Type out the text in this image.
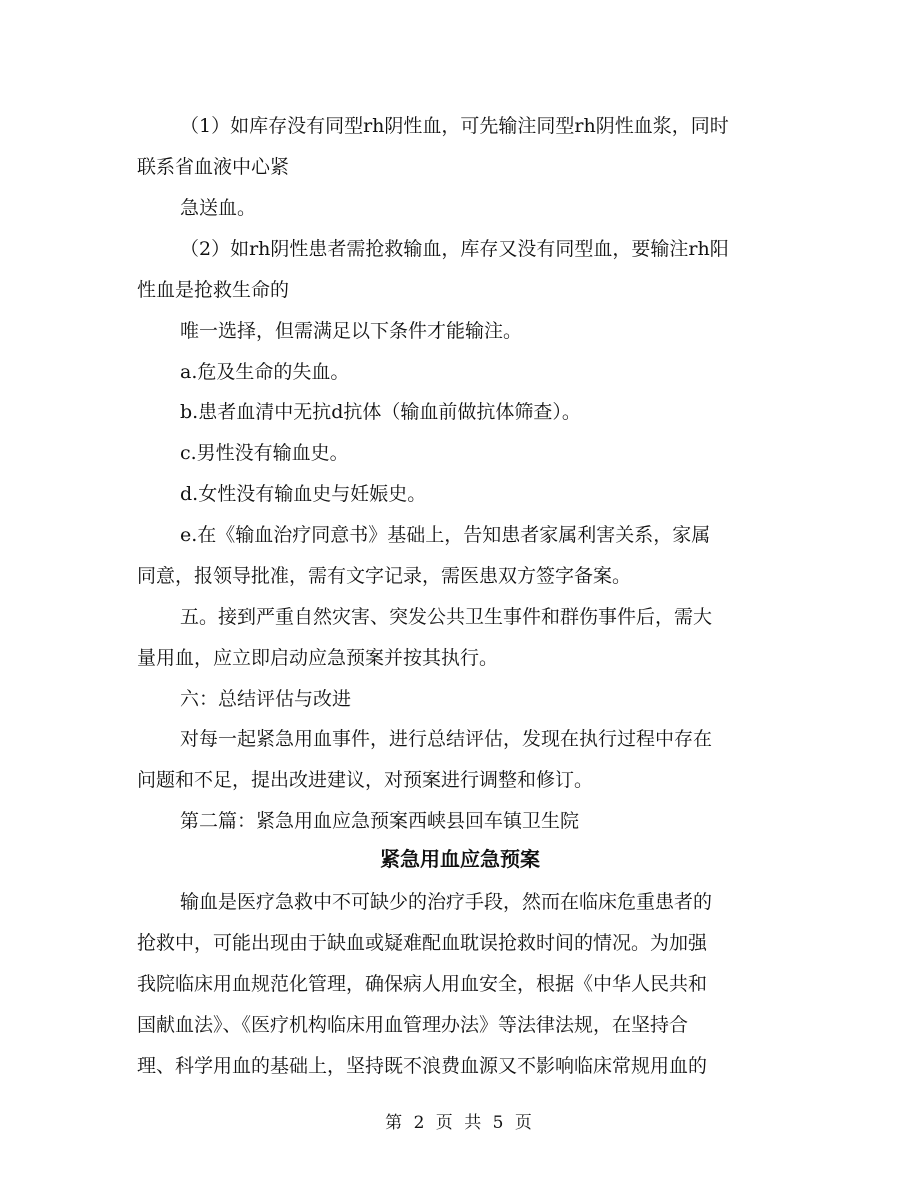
（1）如库存没有同型rh阴性血，可先输注同型rh阴性血浆，同时
联系省血液中心紧
急送血。
（2）如rh阴性患者需抢救输血，库存又没有同型血，要输注rh阳
性血是抢救生命的
唯一选择，但需满足以下条件才能输注。
a.危及生命的失血。
b.患者血清中无抗d抗体（输血前做抗体筛查）。
c.男性没有输血史。
d.女性没有输血史与妊娠史。
e.在《输血治疗同意书》基础上，告知患者家属利害关系，家属
同意，报领导批准，需有文字记录，需医患双方签字备案。
五。接到严重自然灾害、突发公共卫生事件和群伤事件后，需大
量用血，应立即启动应急预案并按其执行。
六：总结评估与改进
对每一起紧急用血事件，进行总结评估，发现在执行过程中存在
问题和不足，提出改进建议，对预案进行调整和修订。
第二篇：紧急用血应急预案西峡县回车镇卫生院
紧急用血应急预案
输血是医疗急救中不可缺少的治疗手段，然而在临床危重患者的
抢救中，可能出现由于缺血或疑难配血耽误抢救时间的情况。为加强
我院临床用血规范化管理，确保病人用血安全，根据《中华人民共和
国献血法》、《医疗机构临床用血管理办法》等法律法规，在坚持合
理、科学用血的基础上，坚持既不浪费血源又不影响临床常规用血的
第 2 页 共 5 页
